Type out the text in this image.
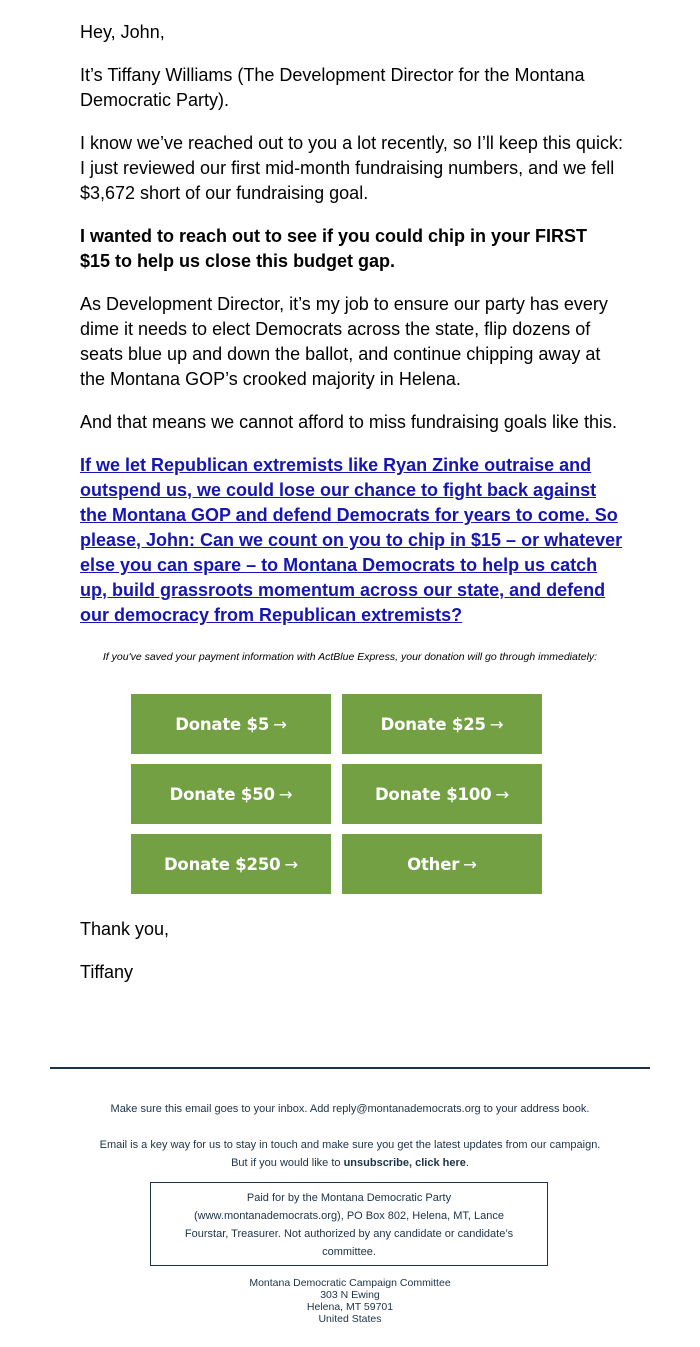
Hey, John,

It’s Tiffany Williams (The Development Director for the Montana Democratic Party).

I know we’ve reached out to you a lot recently, so I’ll keep this quick: I just reviewed our first mid-month fundraising numbers, and we fell $3,672 short of our fundraising goal.

I wanted to reach out to see if you could chip in your FIRST $15 to help us close this budget gap.

As Development Director, it’s my job to ensure our party has every dime it needs to elect Democrats across the state, flip dozens of seats blue up and down the ballot, and continue chipping away at the Montana GOP’s crooked majority in Helena.

And that means we cannot afford to miss fundraising goals like this.

If we let Republican extremists like Ryan Zinke outraise and outspend us, we could lose our chance to fight back against the Montana GOP and defend Democrats for years to come. So please, John: Can we count on you to chip in $15 – or whatever else you can spare – to Montana Democrats to help us catch up, build grassroots momentum across our state, and defend our democracy from Republican extremists?

If you've saved your payment information with ActBlue Express, your donation will go through immediately:
Donate $5 →	Donate $25 →
Donate $50 →	Donate $100 →
Donate $250 →	Other →

Thank you,

Tiffany

Make sure this email goes to your inbox. Add reply@montanademocrats.org to your address book.
Email is a key way for us to stay in touch and make sure you get the latest updates from our campaign.
But if you would like to unsubscribe, click here.
Paid for by the Montana Democratic Party (www.montanademocrats.org), PO Box 802, Helena, MT, Lance Fourstar, Treasurer. Not authorized by any candidate or candidate’s committee.
Montana Democratic Campaign Committee
303 N Ewing
Helena, MT 59701
United States
